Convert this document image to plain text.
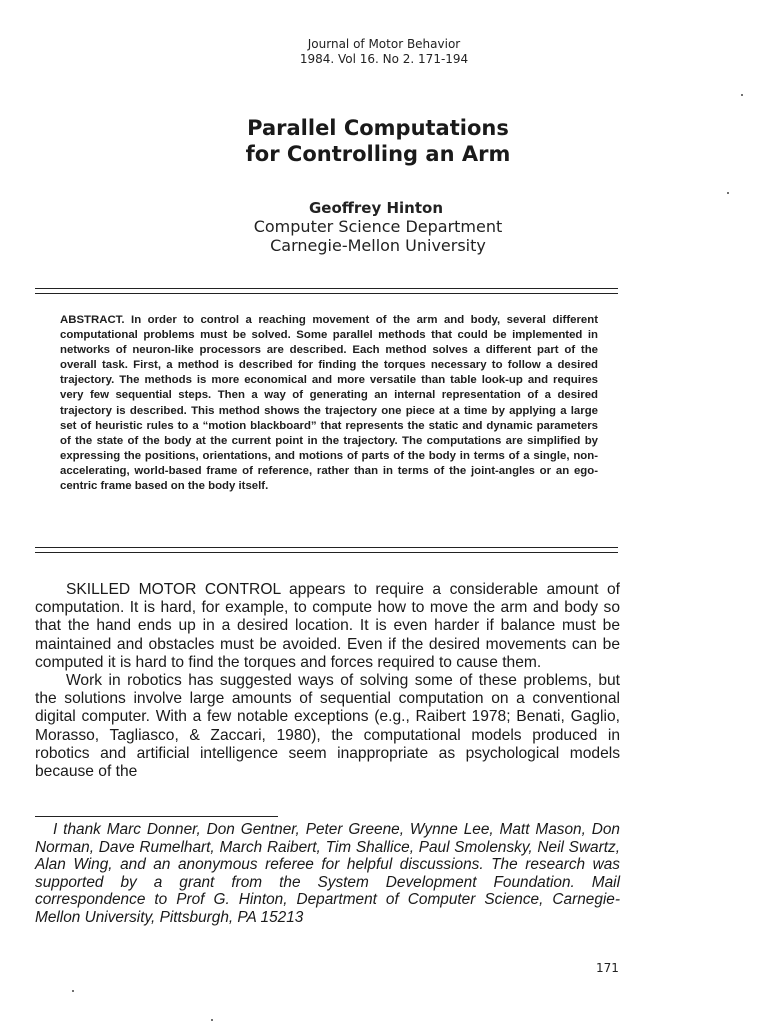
Journal of Motor Behavior
1984. Vol 16. No 2. 171-194
Parallel Computations
for Controlling an Arm
Geoffrey Hinton
Computer Science Department
Carnegie-Mellon University
ABSTRACT. In order to control a reaching movement of the arm and body, several different computational problems must be solved. Some parallel methods that could be implemented in networks of neuron-like processors are described. Each method solves a different part of the overall task. First, a method is described for finding the torques necessary to follow a desired trajectory. The methods is more economical and more versatile than table look-up and requires very few sequential steps. Then a way of generating an internal representation of a desired trajectory is described. This method shows the trajectory one piece at a time by applying a large set of heuristic rules to a “motion blackboard” that represents the static and dynamic parameters of the state of the body at the current point in the trajectory. The computations are simplified by expressing the positions, orientations, and motions of parts of the body in terms of a single, non-accelerating, world-based frame of reference, rather than in terms of the joint-angles or an ego-centric frame based on the body itself.

SKILLED MOTOR CONTROL appears to require a considerable amount of computation. It is hard, for example, to compute how to move the arm and body so that the hand ends up in a desired location. It is even harder if balance must be maintained and obstacles must be avoided. Even if the desired movements can be computed it is hard to find the torques and forces required to cause them.

Work in robotics has suggested ways of solving some of these problems, but the solutions involve large amounts of sequential computation on a conventional digital computer. With a few notable exceptions (e.g., Raibert 1978; Benati, Gaglio, Morasso, Tagliasco, & Zaccari, 1980), the computational models produced in robotics and artificial intelligence seem inappropriate as psychological models because of the

I thank Marc Donner, Don Gentner, Peter Greene, Wynne Lee, Matt Mason, Don Norman, Dave Rumelhart, March Raibert, Tim Shallice, Paul Smolensky, Neil Swartz, Alan Wing, and an anonymous referee for helpful discussions. The research was supported by a grant from the System Development Foundation. Mail correspondence to Prof G. Hinton, Department of Computer Science, Carnegie-Mellon University, Pittsburgh, PA 15213
171
